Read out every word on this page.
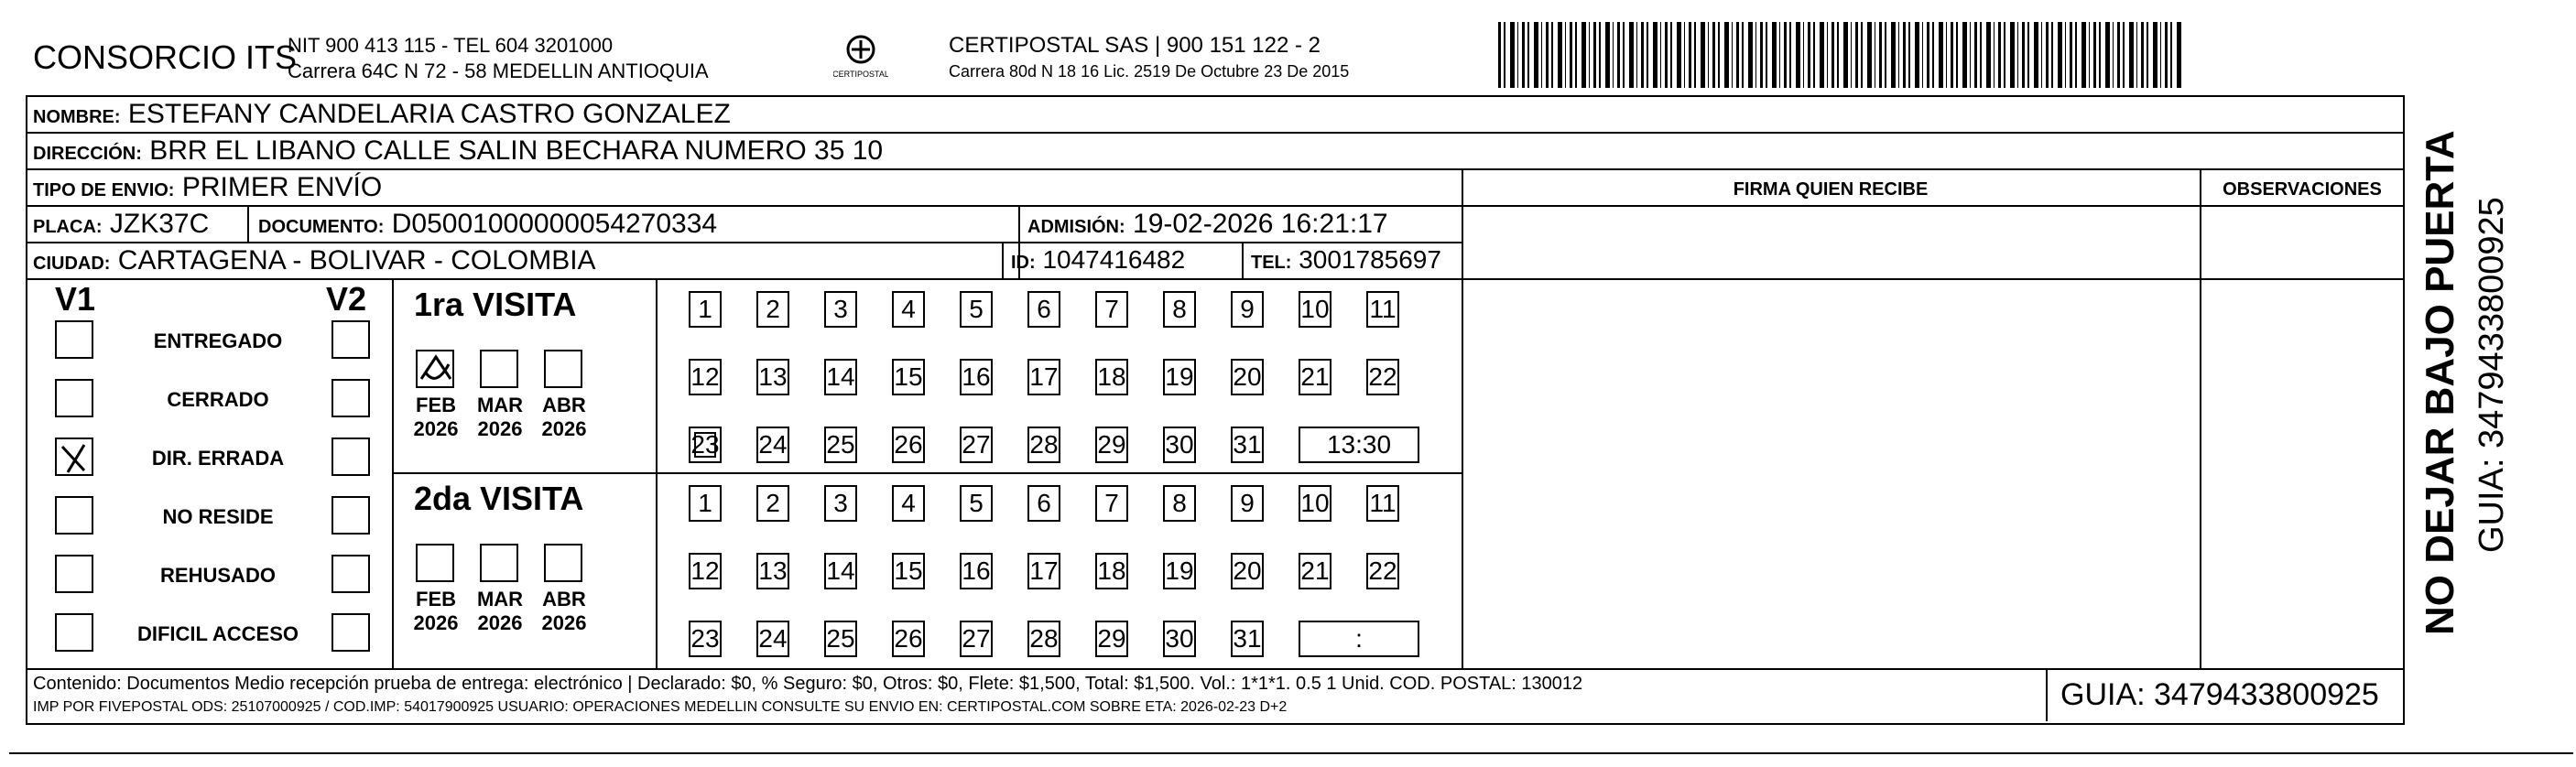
CONSORCIO ITS
NIT 900 413 115 - TEL 604 3201000
Carrera 64C N 72 - 58 MEDELLIN ANTIOQUIA	CERTIPOSTAL
CERTIPOSTAL SAS | 900 151 122 - 2
Carrera 80d N 18 16 Lic. 2519 De Octubre 23 De 2015
NOMBRE: ESTEFANY CANDELARIA CASTRO GONZALEZ
DIRECCIÓN: BRR EL LIBANO CALLE SALIN BECHARA NUMERO 35 10
TIPO DE ENVIO: PRIMER ENVÍO	FIRMA QUIEN RECIBE	OBSERVACIONES
PLACA: JZK37C	DOCUMENTO: D05001000000054270334	ADMISIÓN: 19-02-2026 16:21:17
CIUDAD: CARTAGENA - BOLIVAR - COLOMBIA	ID: 1047416482	TEL: 3001785697
V1	V2
ENTREGADO
CERRADO
DIR. ERRADA
NO RESIDE
REHUSADO
DIFICIL ACCESO
1ra VISITA
FEB
2026
MAR
2026
ABR
2026
1	2	3	4	5	6	7	8	9	10 11
12 13 14 15 16 17 18 19 20 21 22
23 24 25 26 27 28 29 30 31	13:30
2da VISITA
FEB
2026
MAR
2026
ABR
2026
1	2	3	4	5	6	7	8	9	10 11
12 13 14 15 16 17 18 19 20 21 22
23 24 25 26 27 28 29 30 31	:
Contenido: Documentos Medio recepción prueba de entrega: electrónico | Declarado: $0, % Seguro: $0, Otros: $0, Flete: $1,500, Total: $1,500. Vol.: 1*1*1. 0.5 1 Unid. COD. POSTAL: 130012
IMP POR FIVEPOSTAL ODS: 25107000925 / COD.IMP: 54017900925 USUARIO: OPERACIONES MEDELLIN CONSULTE SU ENVIO EN: CERTIPOSTAL.COM SOBRE ETA: 2026-02-23 D+2	GUIA: 3479433800925
NO DEJAR BAJO PUERTA GUIA: 3479433800925
